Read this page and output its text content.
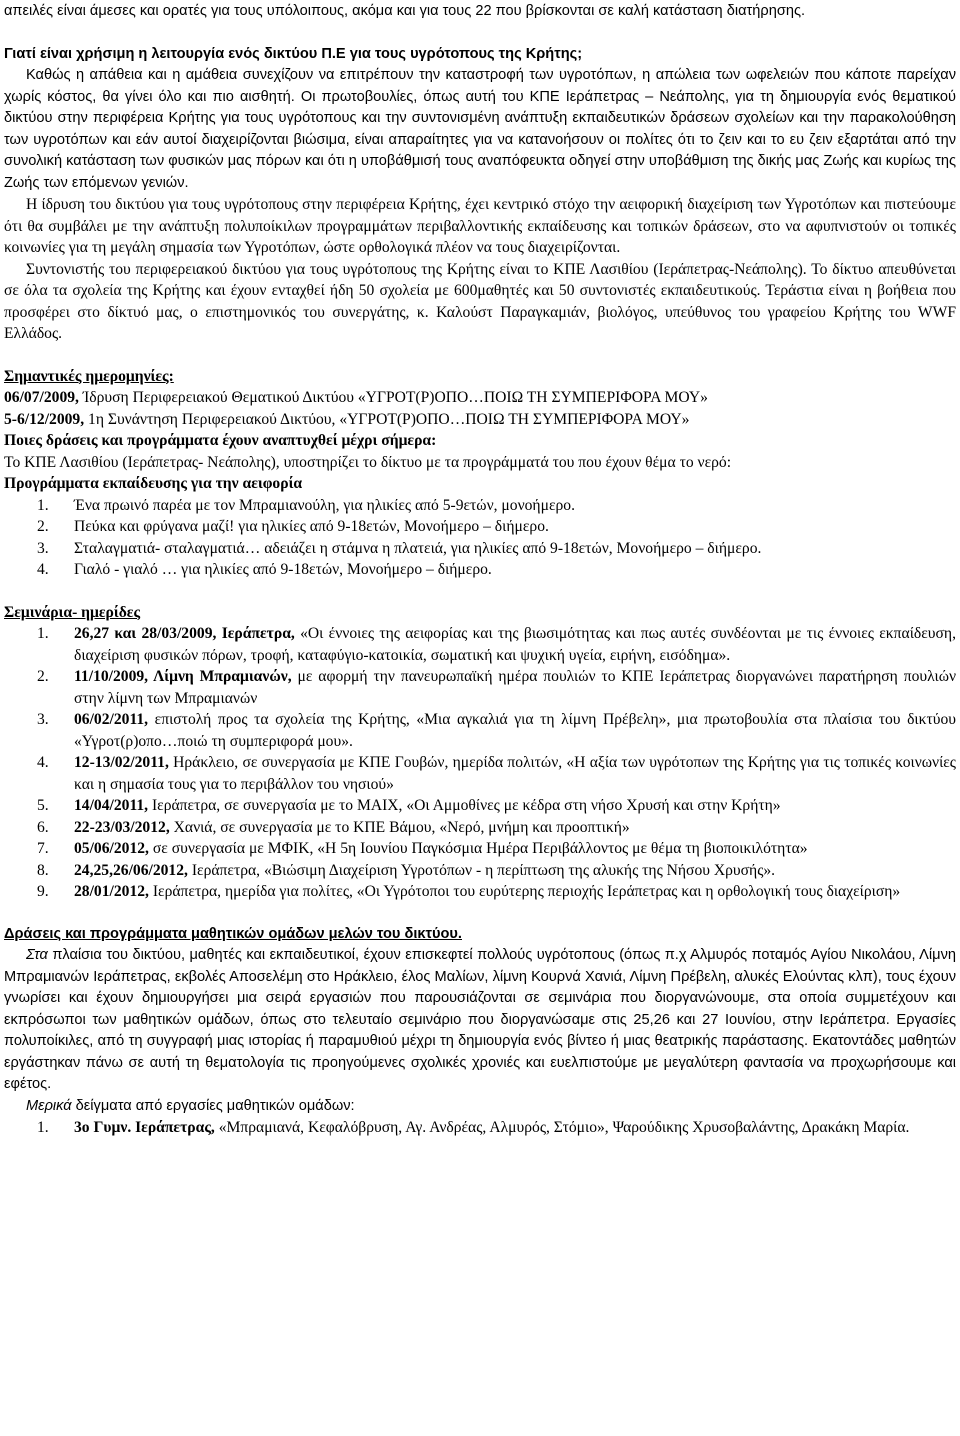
απειλές είναι άμεσες και ορατές για τους υπόλοιπους, ακόμα και για τους 22 που βρίσκονται σε καλή κατάσταση διατήρησης.

Γιατί είναι χρήσιμη η λειτουργία ενός δικτύου Π.Ε για τους υγρότοπους της Κρήτης;

Καθώς η απάθεια και η αμάθεια συνεχίζουν να επιτρέπουν την καταστροφή των υγροτόπων, η απώλεια των ωφελειών που κάποτε παρείχαν χωρίς κόστος, θα γίνει όλο και πιο αισθητή. Οι πρωτοβουλίες, όπως αυτή του ΚΠΕ Ιεράπετρας – Νεάπολης, για τη δημιουργία ενός θεματικού δικτύου στην περιφέρεια Κρήτης για τους υγρότοπους και την συντονισμένη ανάπτυξη εκπαιδευτικών δράσεων σχολείων και την παρακολούθηση των υγροτόπων και εάν αυτοί διαχειρίζονται βιώσιμα, είναι απαραίτητες για να κατανοήσουν οι πολίτες ότι το ζειν και το ευ ζειν εξαρτάται από την συνολική κατάσταση των φυσικών μας πόρων και ότι η υποβάθμισή τους αναπόφευκτα οδηγεί στην υποβάθμιση της δικής μας Ζωής και κυρίως της Ζωής των επόμενων γενιών.

Η ίδρυση του δικτύου για τους υγρότοπους στην περιφέρεια Κρήτης, έχει κεντρικό στόχο την αειφορική διαχείριση των Υγροτόπων και πιστεύουμε ότι θα συμβάλει με την ανάπτυξη πολυποίκιλων προγραμμάτων περιβαλλοντικής εκπαίδευσης και τοπικών δράσεων, στο να αφυπνιστούν οι τοπικές κοινωνίες για τη μεγάλη σημασία των Υγροτόπων, ώστε ορθολογικά πλέον να τους διαχειρίζονται.

Συντονιστής του περιφερειακού δικτύου για τους υγρότοπους της Κρήτης είναι το ΚΠΕ Λασιθίου (Ιεράπετρας-Νεάπολης). Το δίκτυο απευθύνεται σε όλα τα σχολεία της Κρήτης και έχουν ενταχθεί ήδη 50 σχολεία με 600μαθητές και 50 συντονιστές εκπαιδευτικούς. Τεράστια είναι η βοήθεια που προσφέρει στο δίκτυό μας, ο επιστημονικός του συνεργάτης, κ. Καλούστ Παραγκαμιάν, βιολόγος, υπεύθυνος του γραφείου Κρήτης του WWF Ελλάδος.

Σημαντικές ημερομηνίες:

06/07/2009, Ίδρυση Περιφερειακού Θεματικού Δικτύου «ΥΓΡΟΤ(Ρ)ΟΠΟ…ΠΟΙΩ ΤΗ ΣΥΜΠΕΡΙΦΟΡΑ ΜΟΥ»

5-6/12/2009, 1η Συνάντηση Περιφερειακού Δικτύου, «ΥΓΡΟΤ(Ρ)ΟΠΟ…ΠΟΙΩ ΤΗ ΣΥΜΠΕΡΙΦΟΡΑ ΜΟΥ»

Ποιες δράσεις και προγράμματα έχουν αναπτυχθεί μέχρι σήμερα:

Το ΚΠΕ Λασιθίου (Ιεράπετρας- Νεάπολης), υποστηρίζει το δίκτυο με τα προγράμματά του που έχουν θέμα το νερό:

Προγράμματα εκπαίδευσης για την αειφορία

1. Ένα πρωινό παρέα με τον Μπραμιανούλη, για ηλικίες από 5-9ετών, μονοήμερο.
2. Πεύκα και φρύγανα μαζί! για ηλικίες από 9-18ετών, Μονοήμερο – διήμερο.
3. Σταλαγματιά- σταλαγματιά… αδειάζει η στάμνα η πλατειά, για ηλικίες από 9-18ετών, Μονοήμερο – διήμερο.
4. Γιαλό - γιαλό … για ηλικίες από 9-18ετών, Μονοήμερο – διήμερο.

Σεμινάρια- ημερίδες

1. 26,27 και 28/03/2009, Ιεράπετρα, «Οι έννοιες της αειφορίας και της βιωσιμότητας και πως αυτές συνδέονται με τις έννοιες εκπαίδευση, διαχείριση φυσικών πόρων, τροφή, καταφύγιο-κατοικία, σωματική και ψυχική υγεία, ειρήνη, εισόδημα».
2. 11/10/2009, Λίμνη Μπραμιανών, με αφορμή την πανευρωπαϊκή ημέρα πουλιών το ΚΠΕ Ιεράπετρας διοργανώνει παρατήρηση πουλιών στην λίμνη των Μπραμιανών
3. 06/02/2011, επιστολή προς τα σχολεία της Κρήτης, «Μια αγκαλιά για τη λίμνη Πρέβελη», μια πρωτοβουλία στα πλαίσια του δικτύου «Υγροτ(ρ)οπο…ποιώ τη συμπεριφορά μου».
4. 12-13/02/2011, Ηράκλειο, σε συνεργασία με ΚΠΕ Γουβών, ημερίδα πολιτών, «Η αξία των υγρότοπων της Κρήτης για τις τοπικές κοινωνίες και η σημασία τους για το περιβάλλον του νησιού»
5. 14/04/2011, Ιεράπετρα, σε συνεργασία με το ΜΑΙΧ, «Οι Αμμοθίνες με κέδρα στη νήσο Χρυσή και στην Κρήτη»
6. 22-23/03/2012, Χανιά, σε συνεργασία με το ΚΠΕ Βάμου, «Νερό, μνήμη και προοπτική»
7. 05/06/2012, σε συνεργασία με ΜΦΙΚ, «Η 5η Ιουνίου Παγκόσμια Ημέρα Περιβάλλοντος με θέμα τη βιοποικιλότητα»
8. 24,25,26/06/2012, Ιεράπετρα, «Βιώσιμη Διαχείριση Υγροτόπων - η περίπτωση της αλυκής της Νήσου Χρυσής».
9. 28/01/2012, Ιεράπετρα, ημερίδα για πολίτες, «Οι Υγρότοποι του ευρύτερης περιοχής Ιεράπετρας και η ορθολογική τους διαχείριση»

Δράσεις και προγράμματα μαθητικών ομάδων μελών του δικτύου.

Στα πλαίσια του δικτύου, μαθητές και εκπαιδευτικοί, έχουν επισκεφτεί πολλούς υγρότοπους (όπως π.χ Αλμυρός ποταμός Αγίου Νικολάου, Λίμνη Μπραμιανών Ιεράπετρας, εκβολές Αποσελέμη στο Ηράκλειο, έλος Μαλίων, λίμνη Κουρνά Χανιά, Λίμνη Πρέβελη, αλυκές Ελούντας κλπ), τους έχουν γνωρίσει και έχουν δημιουργήσει μια σειρά εργασιών που παρουσιάζονται σε σεμινάρια που διοργανώνουμε, στα οποία συμμετέχουν και εκπρόσωποι των μαθητικών ομάδων, όπως στο τελευταίο σεμινάριο που διοργανώσαμε στις 25,26 και 27 Ιουνίου, στην Ιεράπετρα. Εργασίες πολυποίκιλες, από τη συγγραφή μιας ιστορίας ή παραμυθιού μέχρι τη δημιουργία ενός βίντεο ή μιας θεατρικής παράστασης. Εκατοντάδες μαθητών εργάστηκαν πάνω σε αυτή τη θεματολογία τις προηγούμενες σχολικές χρονιές και ευελπιστούμε με μεγαλύτερη φαντασία να προχωρήσουμε και εφέτος.

Μερικά δείγματα από εργασίες μαθητικών ομάδων:

1. 3ο Γυμν. Ιεράπετρας, «Μπραμιανά, Κεφαλόβρυση, Αγ. Ανδρέας, Αλμυρός, Στόμιο», Ψαρούδικης Χρυσοβαλάντης, Δρακάκη Μαρία.
